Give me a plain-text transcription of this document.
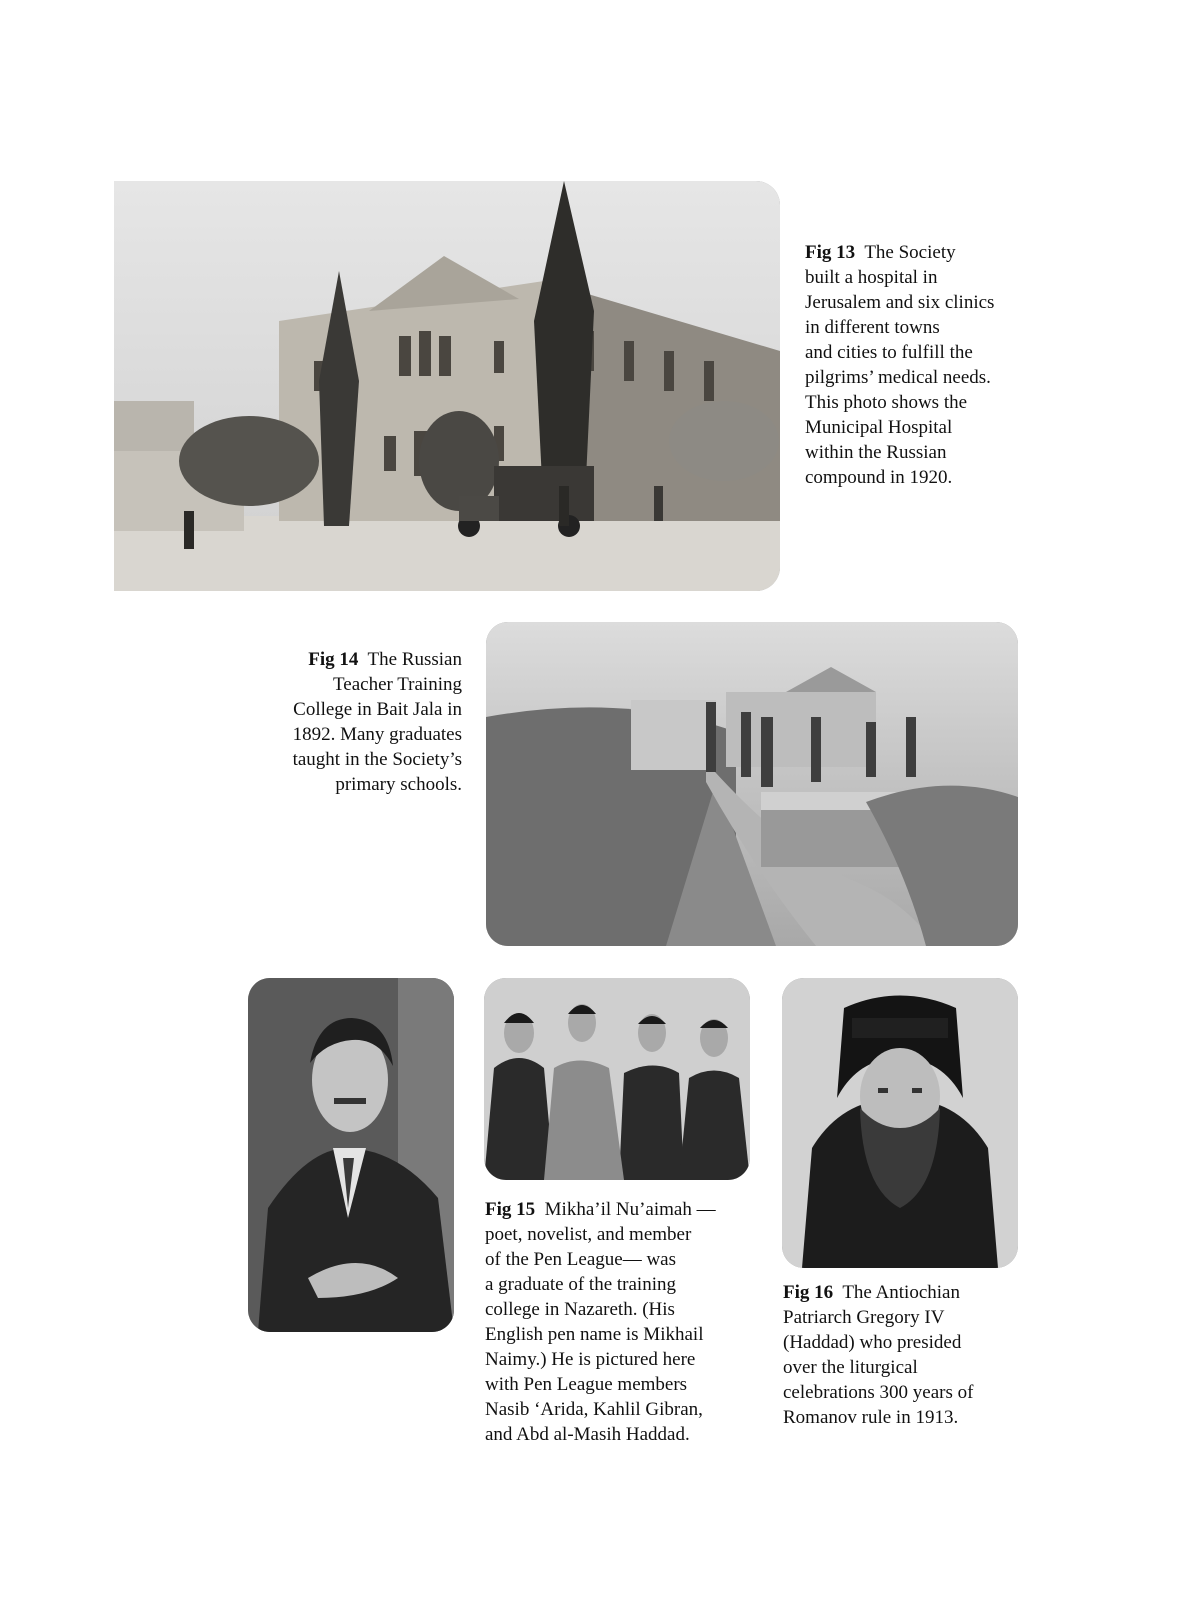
Fig 13 The Society
built a hospital in
Jerusalem and six clinics
in different towns
and cities to fulfill the
pilgrims’ medical needs.
This photo shows the
Municipal Hospital
within the Russian
compound in 1920.
Fig 14 The Russian
Teacher Training
College in Bait Jala in
1892. Many graduates
taught in the Society’s
primary schools.
Fig 15 Mikha’il Nu’aimah —
poet, novelist, and member
of the Pen League— was
a graduate of the training
college in Nazareth. (His
English pen name is Mikhail
Naimy.) He is pictured here
with Pen League members
Nasib ‘Arida, Kahlil Gibran,
and Abd al-Masih Haddad.
Fig 16 The Antiochian
Patriarch Gregory IV
(Haddad) who presided
over the liturgical
celebrations 300 years of
Romanov rule in 1913.
